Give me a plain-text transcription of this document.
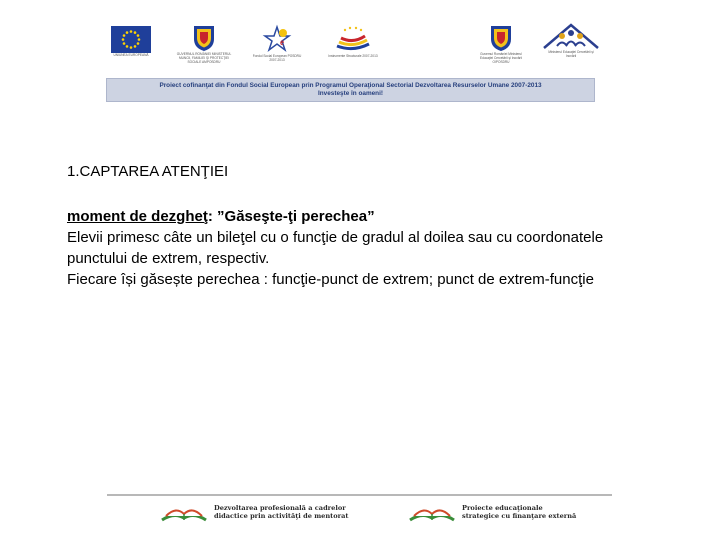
UNIUNEA EUROPEANĂ	GUVERNUL ROMÂNIEI MINISTERUL MUNCII, FAMILIEI ŞI PROTECŢIEI SOCIALE AMPOSDRU
e
Fondul Social European POSDRU 2007-2013
Instrumente Structurale 2007-2013	Guvernul României Ministerul Educaţiei Cercetării şi Inovării OIPOSDRU
Ministerul Educaţiei Cercetării şi Inovării
Proiect cofinanţat din Fondul Social European prin Programul Operaţional Sectorial Dezvoltarea Resurselor Umane 2007-2013
Investeşte în oameni!
1.CAPTAREA ATENŢIEI

moment de dezgheţ: ”Găseşte-ţi perechea”

Elevii primesc câte un bileţel cu o funcţie de gradul al doilea sau cu coordonatele punctului de extrem, respectiv.

Fiecare își găsește perechea : funcţie-punct de extrem; punct de extrem-funcţie

Dezvoltarea profesională a cadrelor didactice prin activităţi de mentorat
Proiecte educaţionale strategice cu finanţare externă
